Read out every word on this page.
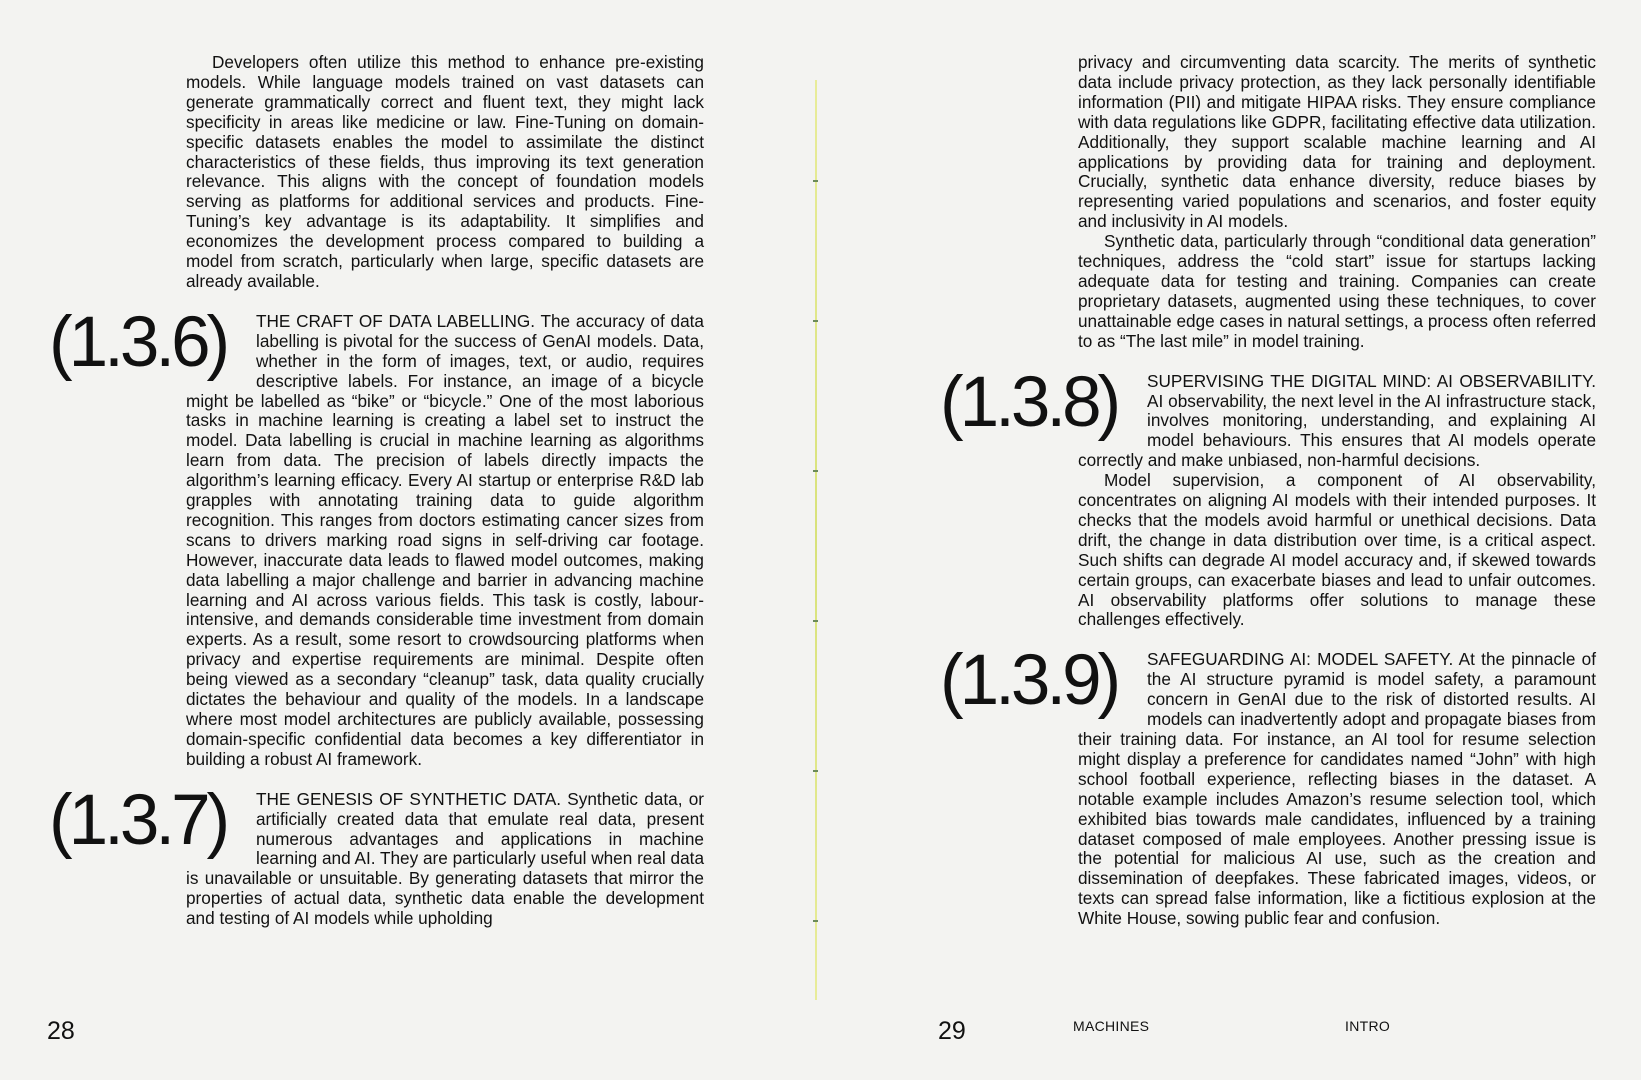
Developers often utilize this method to enhance pre-existing models. While language models trained on vast datasets can generate grammatically correct and fluent text, they might lack specificity in areas like medicine or law. Fine-Tuning on domain-specific datasets enables the model to assimilate the distinct characteristics of these fields, thus improving its text generation relevance. This aligns with the concept of foundation models serving as platforms for additional services and products. Fine-Tuning’s key advantage is its adaptability. It simplifies and economizes the development process compared to building a model from scratch, particularly when large, specific datasets are already available.

(1.3.6)	THE CRAFT OF DATA LABELLING. The accuracy of data labelling is pivotal for the success of GenAI models. Data, whether in the form of images, text, or audio, requires descriptive labels. For instance, an image of a bicycle might be labelled as “bike” or “bicycle.” One of the most laborious tasks in machine learning is creating a label set to instruct the model. Data labelling is crucial in machine learning as algorithms learn from data. The precision of labels directly impacts the algorithm’s learning efficacy. Every AI startup or enterprise R&D lab grapples with annotating training data to guide algorithm recognition. This ranges from doctors estimating cancer sizes from scans to drivers marking road signs in self-driving car footage. However, inaccurate data leads to flawed model outcomes, making data labelling a major challenge and barrier in advancing machine learning and AI across various fields. This task is costly, labour-intensive, and demands considerable time investment from domain experts. As a result, some resort to crowdsourcing platforms when privacy and expertise requirements are minimal. Despite often being viewed as a secondary “cleanup” task, data quality crucially dictates the behaviour and quality of the models. In a landscape where most model architectures are publicly available, possessing domain-specific confidential data becomes a key differentiator in building a robust AI framework.

(1.3.7)	THE GENESIS OF SYNTHETIC DATA. Synthetic data, or artificially created data that emulate real data, present numerous advantages and applications in machine learning and AI. They are particularly useful when real data is unavailable or unsuitable. By generating datasets that mirror the properties of actual data, synthetic data enable the development and testing of AI models while upholding

28

privacy and circumventing data scarcity. The merits of synthetic data include privacy protection, as they lack personally identifiable information (PII) and mitigate HIPAA risks. They ensure compliance with data regulations like GDPR, facilitating effective data utilization. Additionally, they support scalable machine learning and AI applications by providing data for training and deployment. Crucially, synthetic data enhance diversity, reduce biases by representing varied populations and scenarios, and foster equity and inclusivity in AI models.

Synthetic data, particularly through “conditional data generation” techniques, address the “cold start” issue for startups lacking adequate data for testing and training. Companies can create proprietary datasets, augmented using these techniques, to cover unattainable edge cases in natural settings, a process often referred to as “The last mile” in model training.

(1.3.8)	SUPERVISING THE DIGITAL MIND: AI OBSERVABILITY. AI observability, the next level in the AI infrastructure stack, involves monitoring, understanding, and explaining AI model behaviours. This ensures that AI models operate correctly and make unbiased, non-harmful decisions.

Model supervision, a component of AI observability, concentrates on aligning AI models with their intended purposes. It checks that the models avoid harmful or unethical decisions. Data drift, the change in data distribution over time, is a critical aspect. Such shifts can degrade AI model accuracy and, if skewed towards certain groups, can exacerbate biases and lead to unfair outcomes. AI observability platforms offer solutions to manage these challenges effectively.

(1.3.9)	SAFEGUARDING AI: MODEL SAFETY. At the pinnacle of the AI structure pyramid is model safety, a paramount concern in GenAI due to the risk of distorted results. AI models can inadvertently adopt and propagate biases from their training data. For instance, an AI tool for resume selection might display a preference for candidates named “John” with high school football experience, reflecting biases in the dataset. A notable example includes Amazon’s resume selection tool, which exhibited bias towards male candidates, influenced by a training dataset composed of male employees. Another pressing issue is the potential for malicious AI use, such as the creation and dissemination of deepfakes. These fabricated images, videos, or texts can spread false information, like a fictitious explosion at the White House, sowing public fear and confusion.

29	MACHINES	INTRO
